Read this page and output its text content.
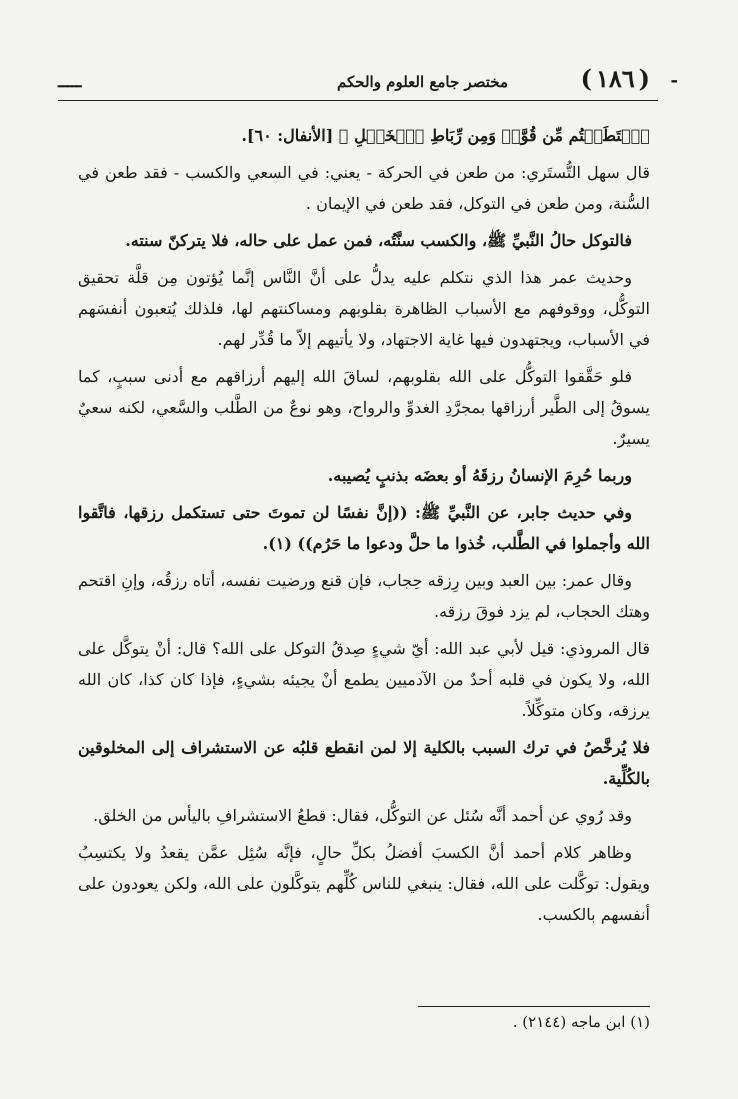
-
( ١٨٦ )
مختصر جامع العلوم والحكم
ـــــ

ﭐﺳۡﺘَﻄَﻌۡﺘُﻢ مِّن قُوَّةٖ وَمِن رِّبَاطِ ٱلۡخَيۡلِ ﴾ [الأنفال: ٦٠].

قال سهل التُّستَري: من طعن في الحركة - يعني: في السعي والكسب - فقد طعن في السُّنة، ومن طعن في التوكل، فقد طعن في الإيمان .

فالتوكل حالُ النَّبيِّ ﷺ، والكسب سنَّتُه، فمن عمل على حاله، فلا يتركنّ سنته.

وحديث عمر هذا الذي نتكلم عليه يدلُّ على أنَّ النَّاس إنَّما يُؤتون مِن قلَّة تحقيق التوكُّل، ووقوفهم مع الأسباب الظاهرة بقلوبهم ومساكنتهم لها، فلذلك يُتعبون أنفسَهم في الأسباب، ويجتهدون فيها غاية الاجتهاد، ولا يأتيهم إلاّ ما قُدِّر لهم.

فلو حَقَّقوا التوكُّل على الله بقلوبهم، لساقَ الله إليهم أرزاقهم مع أدنى سببٍ، كما يسوقُ إلى الطَّير أرزاقها بمجرَّدِ الغدوِّ والرواح، وهو نوعٌ من الطَّلب والسَّعي، لكنه سعيٌ يسيرٌ.

وربما حُرِمَ الإنسانُ رزقَهُ أو بعضَه بذنبٍ يُصيبه.

وفي حديث جابر، عن النَّبيِّ ﷺ: ((إنَّ نفسًا لن تموتَ حتى تستكمل رزقها، فاتَّقوا الله وأجملوا في الطَّلب، خُذوا ما حلَّ ودعوا ما حَرُم)) (١).

وقال عمر: بين العبد وبين رِزقه حِجاب، فإن قنع ورضيت نفسه، أتاه رزقُه، وإنِ اقتحم وهتك الحجاب، لم يزد فوقَ رزقه.

قال المروذي: قيل لأبي عبد الله: أيّ شيءٍ صِدقُ التوكل على الله؟ قال: أنْ يتوكَّل على الله، ولا يكون في قلبه أحدٌ من الآدميين يطمع أنْ يجيئه بشيءٍ، فإذا كان كذا، كان الله يرزقه، وكان متوكِّلاً.

فلا يُرخَّصُ في ترك السبب بالكلية إلا لمن انقطع قلبُه عن الاستشراف إلى المخلوقين بالكُلِّية.

وقد رُوي عن أحمد أنَّه سُئل عن التوكُّل، فقال: قطعُ الاستشرافِ باليأس من الخلق.

وظاهر كلام أحمد أنَّ الكسبَ أفضلُ بكلِّ حالٍ، فإنَّه سُئِل عمَّن يقعدُ ولا يكتسِبُ ويقول: توكَّلت على الله، فقال: ينبغي للناس كُلِّهم يتوكَّلون على الله، ولكن يعودون على أنفسهم بالكسب.

(١) ابن ماجه (٢١٤٤) .
